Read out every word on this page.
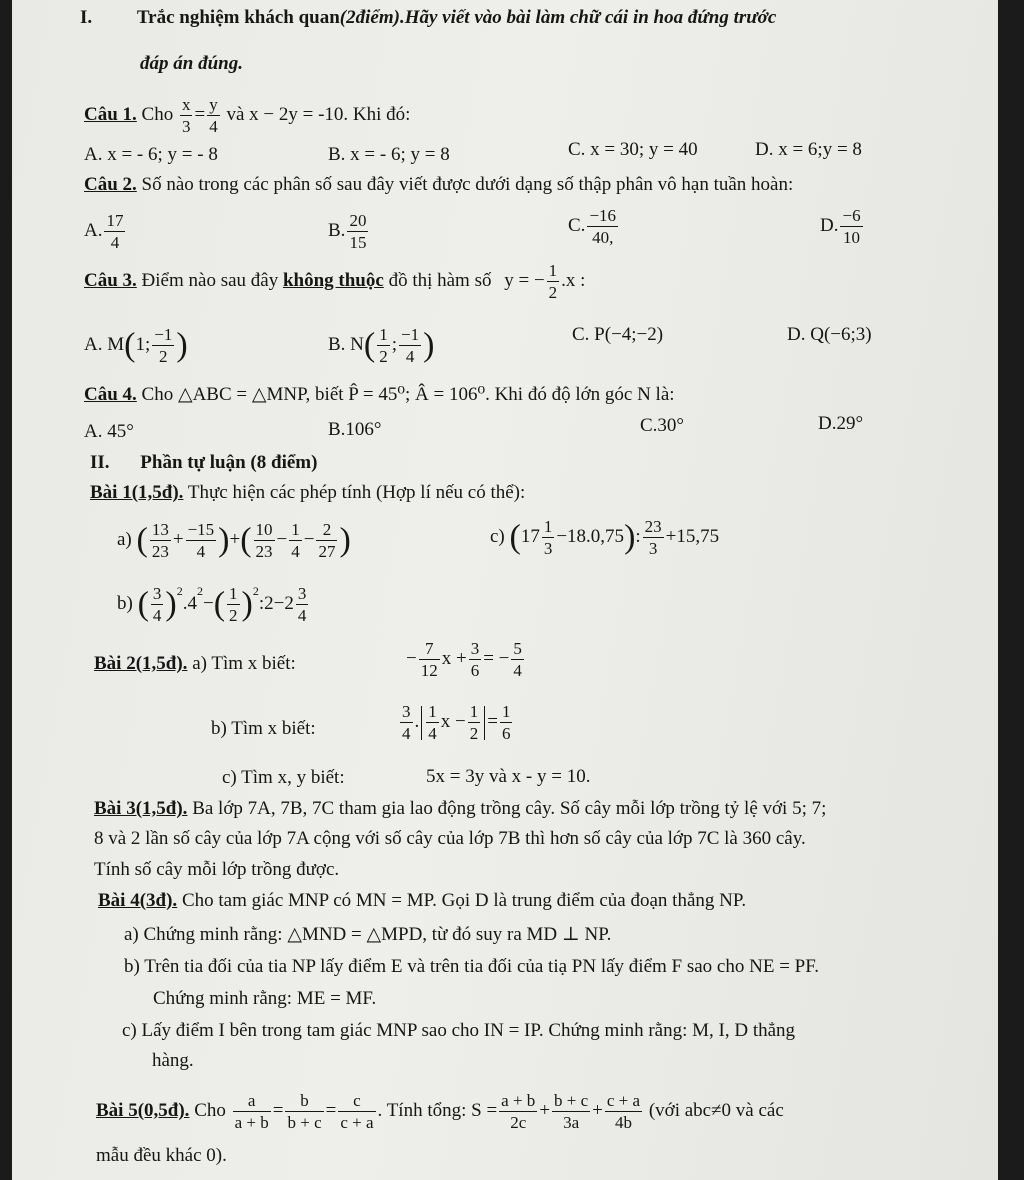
I. Trắc nghiệm khách quan(2điểm).Hãy viết vào bài làm chữ cái in hoa đứng trước
đáp án đúng.
Câu 1. Cho $\frac{x}{3} = \frac{y}{4}$ và x − 2y = -10. Khi đó:
A. x = - 6; y = - 8	B. x = - 6; y = 8	C. x = 30; y = 40	D. x = 6;y = 8
Câu 2. Số nào trong các phân số sau đây viết được dưới dạng số thập phân vô hạn tuần hoàn:
A. $\frac{17}{4}$	B. $\frac{20}{15}$	C. $\frac{-16}{40,}$	D. $\frac{-6}{10}$
Câu 3. Điểm nào sau đây không thuộc đồ thị hàm số y = − $\frac{1}{2} .x$ :
A. M(1; $\frac{-1}{2}$ )	B. $N( \frac{1}{2}$ ; $\frac{-1}{4}$ )	C. P(−4;−2)	D. Q(−6;3)
Câu 4. Cho △ABC = △MNP, biết P̂ = 45⁰; Â = 106⁰. Khi đó độ lớn góc N là:
A. 45°	B.106°	C.30°	D.29°
II. Phần tự luận (8 điểm)
Bài 1(1,5đ). Thực hiện các phép tính (Hợp lí nếu có thể):
a) ( $\frac{13}{23} + \frac{-15}{4}$ )+( $\frac{10}{23} - \frac{1}{4} - \frac{2}{27}$ )	c) $(17 \frac{1}{3} -18.0,75)$: $\frac{23}{3} +15,75$
b) ( $\frac{3}{4} )^2.4^2-( \frac{1}{2}$ )$^2:2-2 \frac{3}{4}$
Bài 2(1,5đ). a) Tìm x biết:	− $\frac{7}{12}$ $x + \frac{3}{6}$ = − $\frac{5}{4}$
b) Tìm x biết:	$\frac{3}{4}$ . $\frac{1}{4}$ $x - \frac{1}{2} = \frac{1}{6}$
c) Tìm x, y biết:	5x = 3y và x - y = 10.
Bài 3(1,5đ). Ba lớp 7A, 7B, 7C tham gia lao động trồng cây. Số cây mỗi lớp trồng tỷ lệ với 5; 7;
8 và 2 lần số cây của lớp 7A cộng với số cây của lớp 7B thì hơn số cây của lớp 7C là 360 cây.
Tính số cây mỗi lớp trồng được.
Bài 4(3đ). Cho tam giác MNP có MN = MP. Gọi D là trung điểm của đoạn thẳng NP.
a) Chứng minh rằng: △MND = △MPD, từ đó suy ra MD ⊥ NP.
b) Trên tia đối của tia NP lấy điểm E và trên tia đối của tiạ PN lấy điểm F sao cho NE = PF.
Chứng minh rằng: ME = MF.
c) Lấy điểm I bên trong tam giác MNP sao cho IN = IP. Chứng minh rằng: M, I, D thẳng
hàng.
Bài 5(0,5đ). Cho $\frac{a}{a + b} = \frac{b}{b + c} = \frac{c}{c + a}$ . Tính tổng: $S = \frac{a + b}{2c} + \frac{b + c}{3a} + \frac{c + a}{4b}$ (với abc≠0 và các
mẫu đều khác 0).
